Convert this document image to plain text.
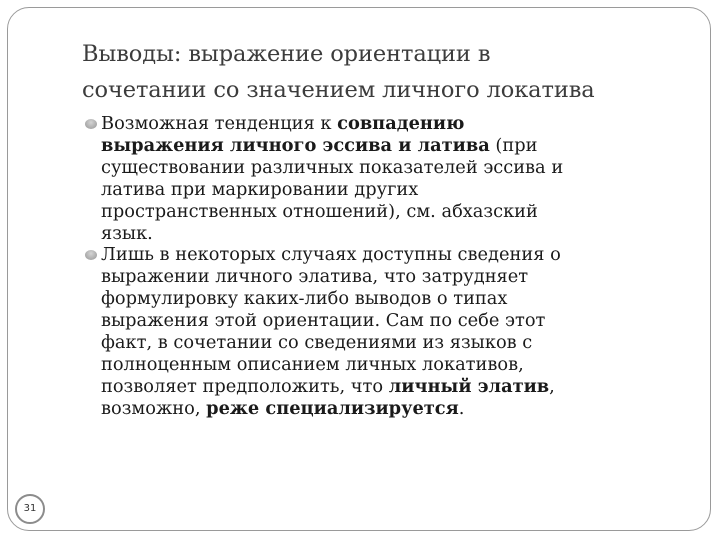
Выводы: выражение ориентации в
сочетании со значением личного локатива
Возможная тенденция к совпадению
выражения личного эссива и латива (при
существовании различных показателей эссива и
латива при маркировании других
пространственных отношений), см. абхазский
язык.
Лишь в некоторых случаях доступны сведения о
выражении личного элатива, что затрудняет
формулировку каких-либо выводов о типах
выражения этой ориентации. Сам по себе этот
факт, в сочетании со сведениями из языков с
полноценным описанием личных локативов,
позволяет предположить, что личный элатив,
возможно, реже специализируется.
31
